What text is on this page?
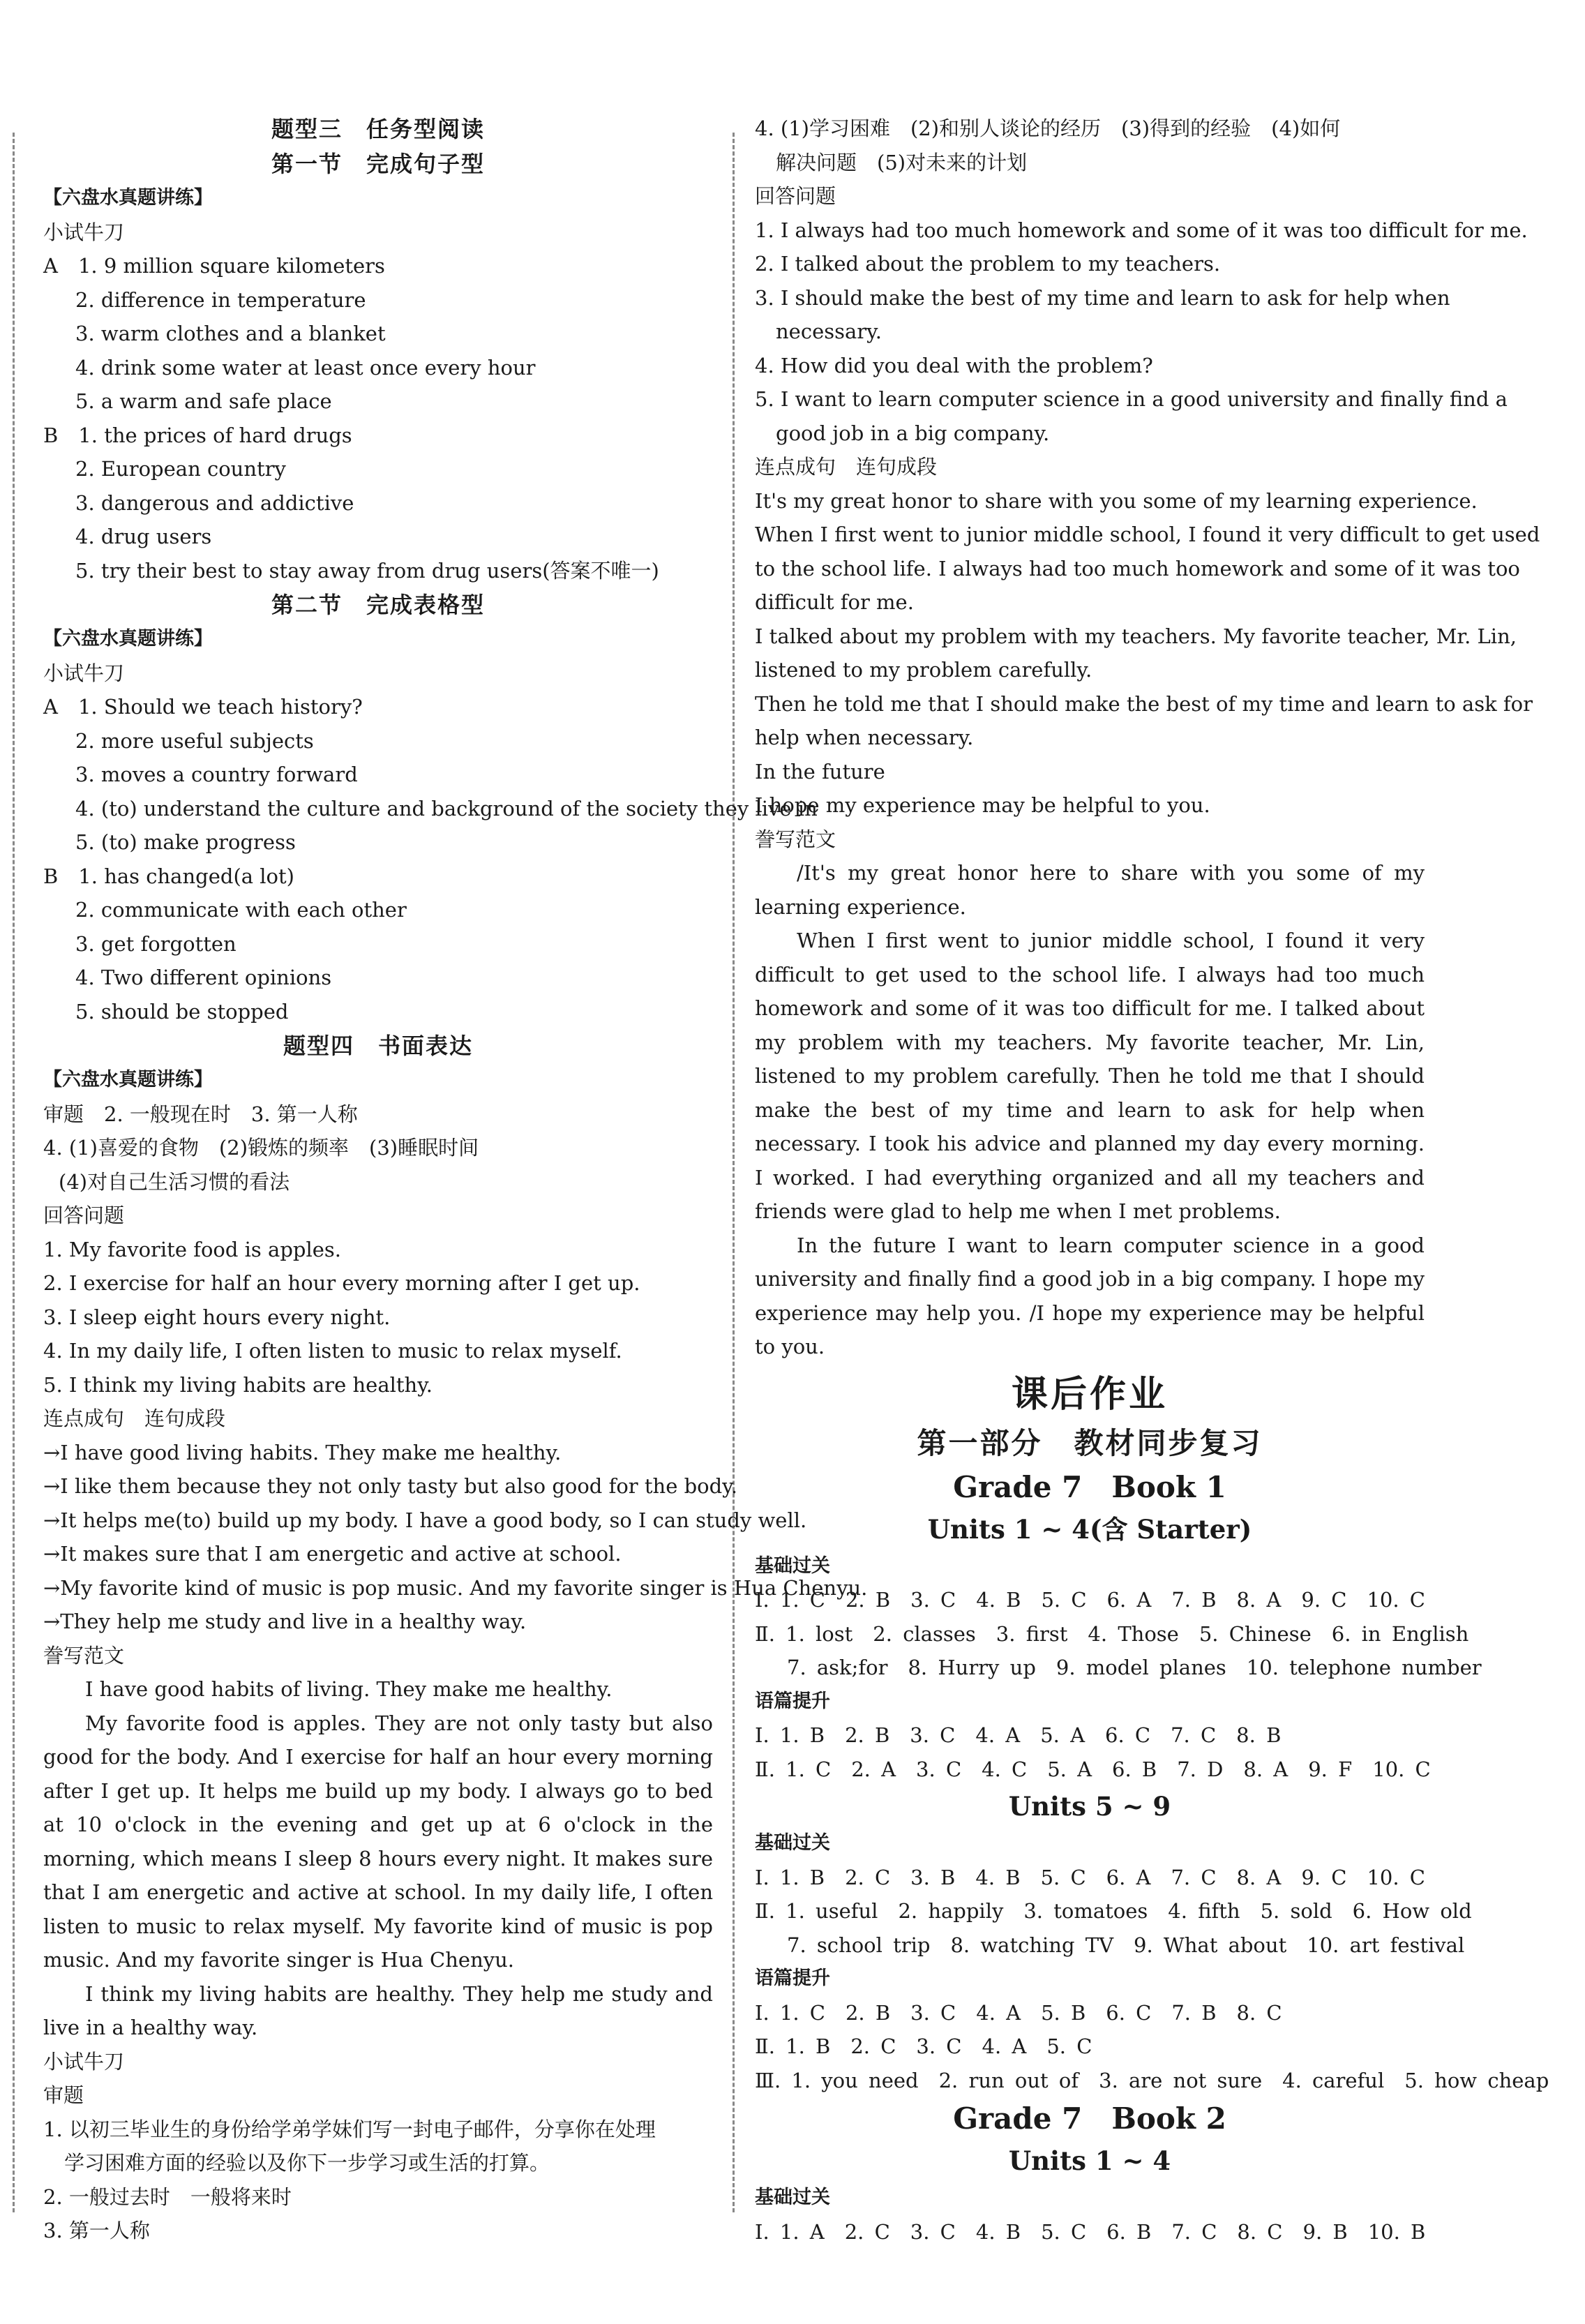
题型三　任务型阅读
第一节　完成句子型
【六盘水真题讲练】
小试牛刀
A　1. 9 million square kilometers
2. difference in temperature
3. warm clothes and a blanket
4. drink some water at least once every hour
5. a warm and safe place
B　1. the prices of hard drugs
2. European country
3. dangerous and addictive
4. drug users
5. try their best to stay away from drug users(答案不唯一)
第二节　完成表格型
【六盘水真题讲练】
小试牛刀
A　1. Should we teach history?
2. more useful subjects
3. moves a country forward
4. (to) understand the culture and background of the society they live in
5. (to) make progress
B　1. has changed(a lot)
2. communicate with each other
3. get forgotten
4. Two different opinions
5. should be stopped
题型四　书面表达
【六盘水真题讲练】
审题　2. 一般现在时　3. 第一人称
4. (1)喜爱的食物　(2)锻炼的频率　(3)睡眠时间
(4)对自己生活习惯的看法
回答问题
1. My favorite food is apples.
2. I exercise for half an hour every morning after I get up.
3. I sleep eight hours every night.
4. In my daily life, I often listen to music to relax myself.
5. I think my living habits are healthy.
连点成句　连句成段
→I have good living habits. They make me healthy.
→I like them because they not only tasty but also good for the body.
→It helps me(to) build up my body. I have a good body, so I can study well.
→It makes sure that I am energetic and active at school.
→My favorite kind of music is pop music. And my favorite singer is Hua Chenyu.
→They help me study and live in a healthy way.
誊写范文
I have good habits of living. They make me healthy.
My favorite food is apples. They are not only tasty but also good for the body. And I exercise for half an hour every morning after I get up. It helps me build up my body. I always go to bed at 10 o'clock in the evening and get up at 6 o'clock in the morning, which means I sleep 8 hours every night. It makes sure that I am energetic and active at school. In my daily life, I often listen to music to relax myself. My favorite kind of music is pop music. And my favorite singer is Hua Chenyu.
I think my living habits are healthy. They help me study and live in a healthy way.
小试牛刀
审题
1. 以初三毕业生的身份给学弟学妹们写一封电子邮件，分享你在处理
学习困难方面的经验以及你下一步学习或生活的打算。
2. 一般过去时　一般将来时
3. 第一人称
4. (1)学习困难　(2)和别人谈论的经历　(3)得到的经验　(4)如何
解决问题　(5)对未来的计划
回答问题
1. I always had too much homework and some of it was too difficult for me.
2. I talked about the problem to my teachers.
3. I should make the best of my time and learn to ask for help when
necessary.
4. How did you deal with the problem?
5. I want to learn computer science in a good university and finally find a
good job in a big company.
连点成句　连句成段
It's my great honor to share with you some of my learning experience.
When I first went to junior middle school, I found it very difficult to get used
to the school life. I always had too much homework and some of it was too
difficult for me.
I talked about my problem with my teachers. My favorite teacher, Mr. Lin,
listened to my problem carefully.
Then he told me that I should make the best of my time and learn to ask for
help when necessary.
In the future
I hope my experience may be helpful to you.
誊写范文
/It's my great honor here to share with you some of my learning experience.
When I first went to junior middle school, I found it very difficult to get used to the school life. I always had too much homework and some of it was too difficult for me. I talked about my problem with my teachers. My favorite teacher, Mr. Lin, listened to my problem carefully. Then he told me that I should make the best of my time and learn to ask for help when necessary. I took his advice and planned my day every morning. I worked. I had everything organized and all my teachers and friends were glad to help me when I met problems.
In the future I want to learn computer science in a good university and finally find a good job in a big company. I hope my experience may help you. /I hope my experience may be helpful to you.
课后作业
第一部分　教材同步复习
Grade 7　Book 1
Units 1 ~ 4(含 Starter)
基础过关
Ⅰ. 1. C　2. B　3. C　4. B　5. C　6. A　7. B　8. A　9. C　10. C
Ⅱ. 1. lost　2. classes　3. first　4. Those　5. Chinese　6. in English
7. ask;for　8. Hurry up　9. model planes　10. telephone number
语篇提升
Ⅰ. 1. B　2. B　3. C　4. A　5. A　6. C　7. C　8. B
Ⅱ. 1. C　2. A　3. C　4. C　5. A　6. B　7. D　8. A　9. F　10. C
Units 5 ~ 9
基础过关
Ⅰ. 1. B　2. C　3. B　4. B　5. C　6. A　7. C　8. A　9. C　10. C
Ⅱ. 1. useful　2. happily　3. tomatoes　4. fifth　5. sold　6. How old
7. school trip　8. watching TV　9. What about　10. art festival
语篇提升
Ⅰ. 1. C　2. B　3. C　4. A　5. B　6. C　7. B　8. C
Ⅱ. 1. B　2. C　3. C　4. A　5. C
Ⅲ. 1. you need　2. run out of　3. are not sure　4. careful　5. how cheap
Grade 7　Book 2
Units 1 ~ 4
基础过关
Ⅰ. 1. A　2. C　3. C　4. B　5. C　6. B　7. C　8. C　9. B　10. B
